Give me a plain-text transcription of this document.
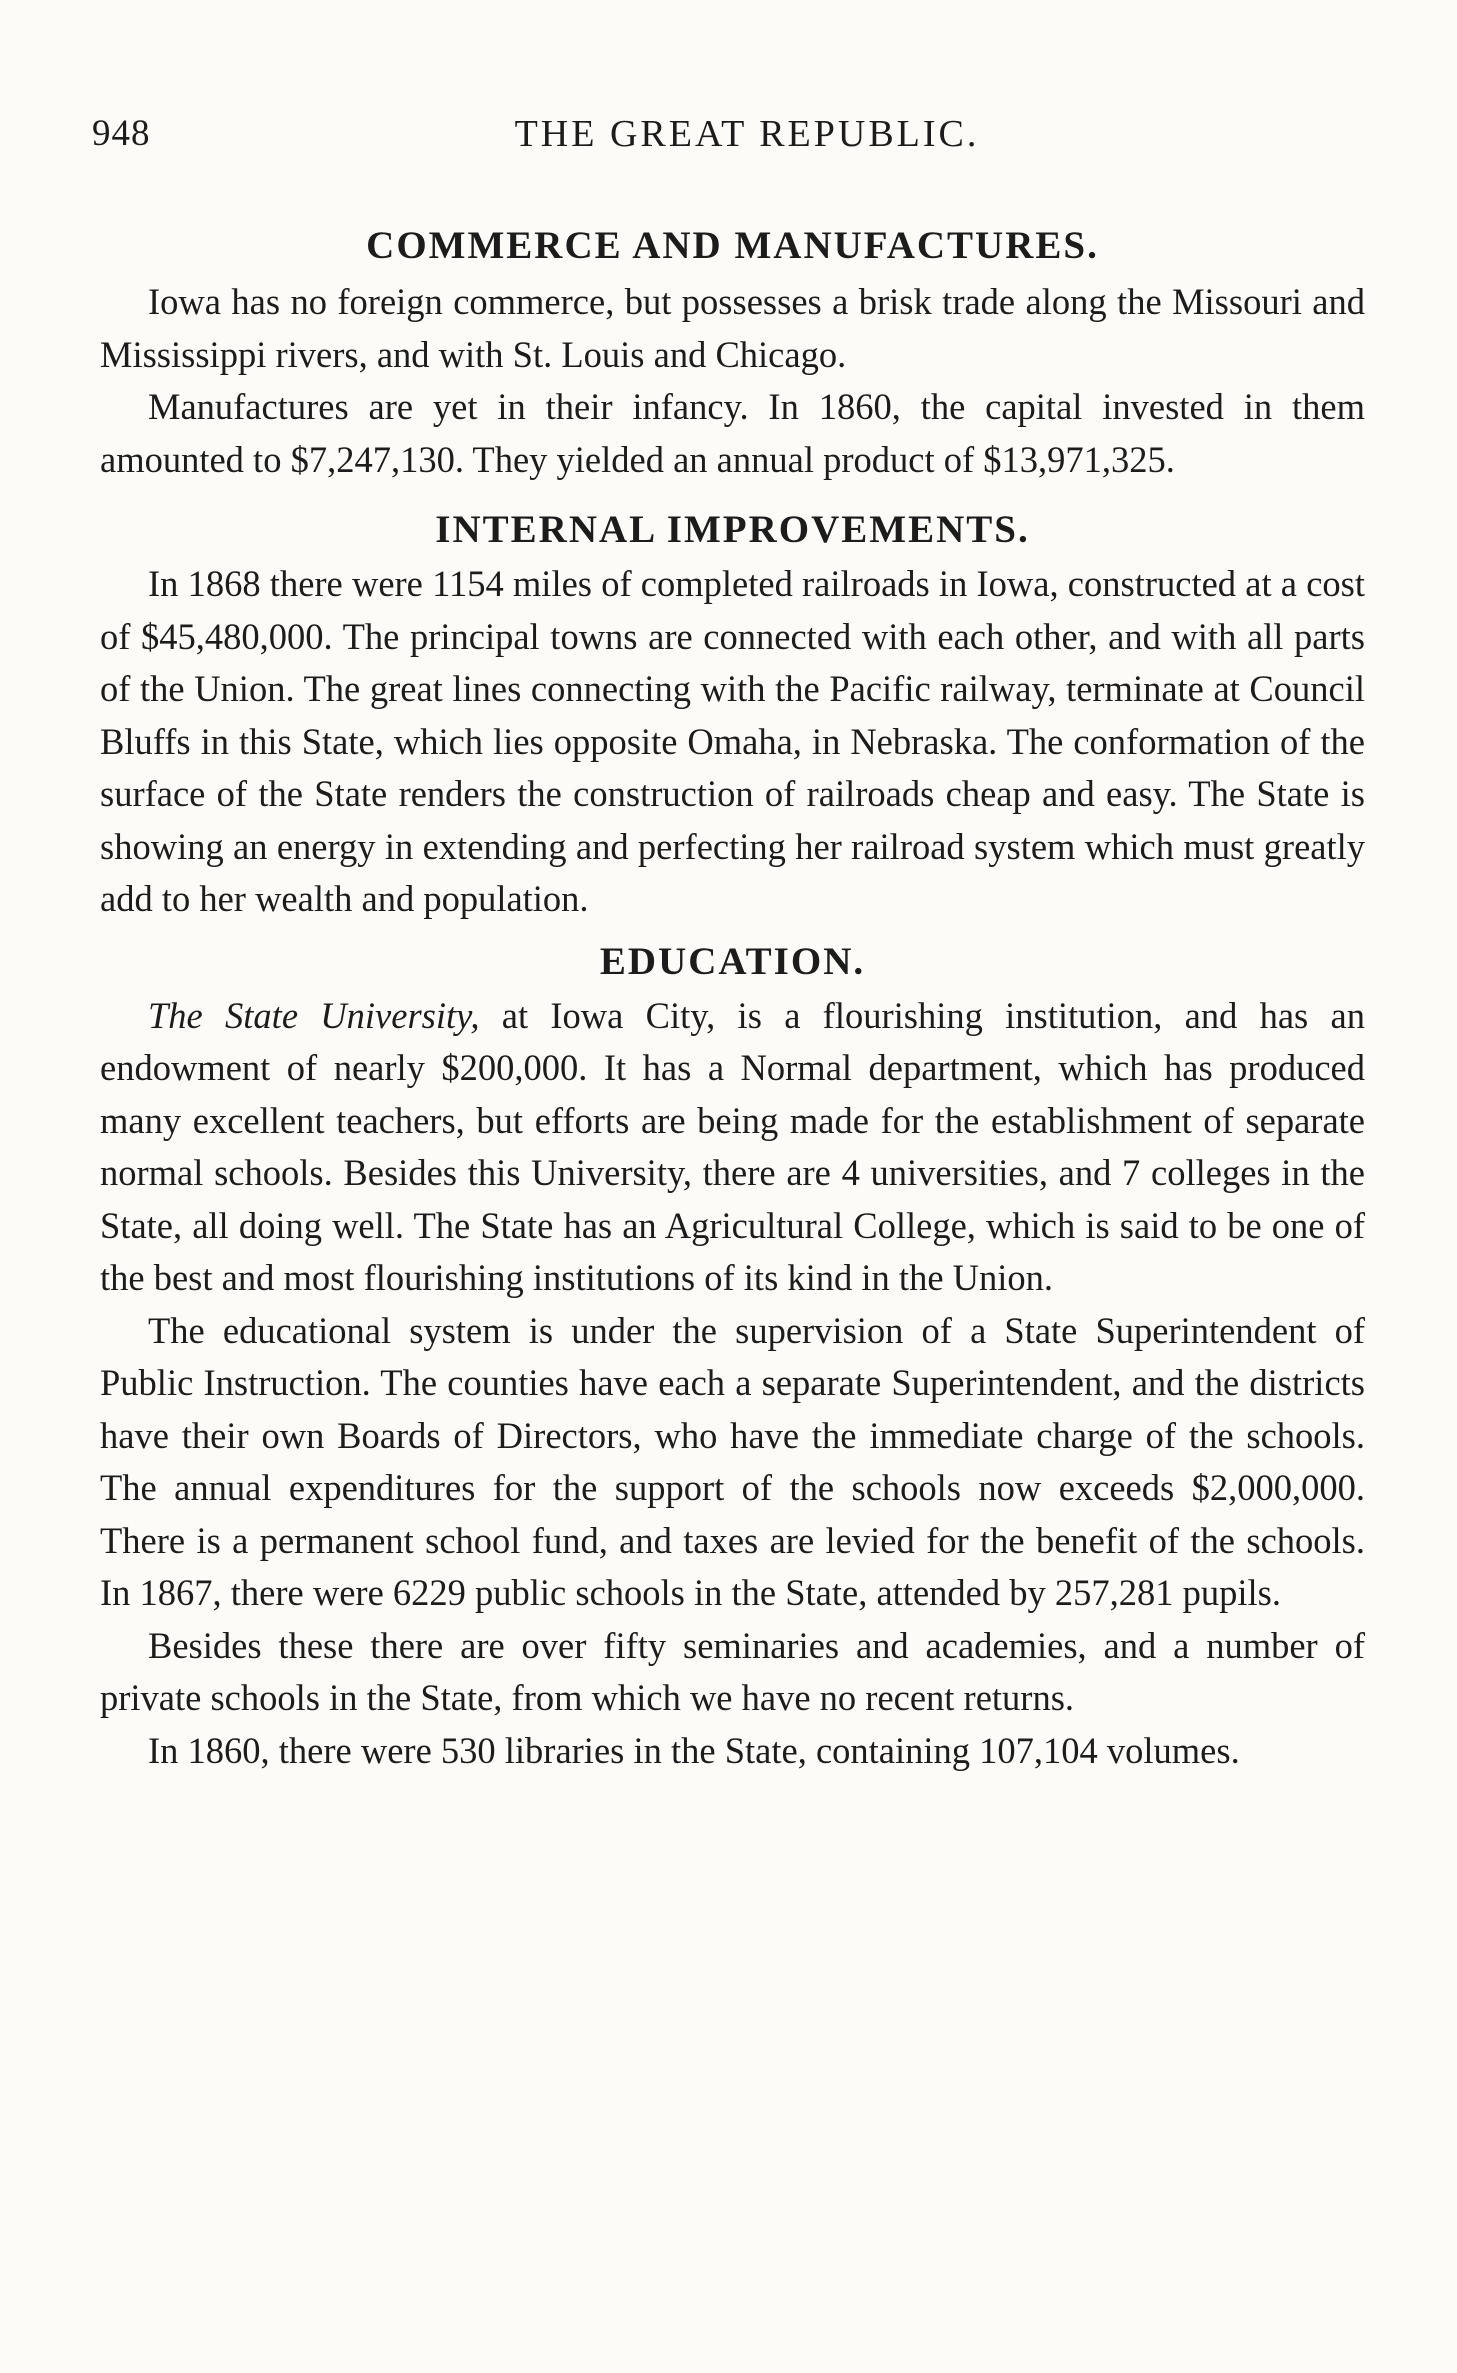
948	THE GREAT REPUBLIC.
COMMERCE AND MANUFACTURES.

Iowa has no foreign commerce, but possesses a brisk trade along the Missouri and Mississippi rivers, and with St. Louis and Chicago.

Manufactures are yet in their infancy. In 1860, the capital invested in them amounted to $7,247,130. They yielded an annual product of $13,971,325.

INTERNAL IMPROVEMENTS.

In 1868 there were 1154 miles of completed railroads in Iowa, constructed at a cost of $45,480,000. The principal towns are connected with each other, and with all parts of the Union. The great lines connecting with the Pacific railway, terminate at Council Bluffs in this State, which lies opposite Omaha, in Nebraska. The conformation of the surface of the State renders the construction of railroads cheap and easy. The State is showing an energy in extending and perfecting her railroad system which must greatly add to her wealth and population.

EDUCATION.

The State University, at Iowa City, is a flourishing institution, and has an endowment of nearly $200,000. It has a Normal department, which has produced many excellent teachers, but efforts are being made for the establishment of separate normal schools. Besides this University, there are 4 universities, and 7 colleges in the State, all doing well. The State has an Agricultural College, which is said to be one of the best and most flourishing institutions of its kind in the Union.

The educational system is under the supervision of a State Superintendent of Public Instruction. The counties have each a separate Superintendent, and the districts have their own Boards of Directors, who have the immediate charge of the schools. The annual expenditures for the support of the schools now exceeds $2,000,000. There is a permanent school fund, and taxes are levied for the benefit of the schools. In 1867, there were 6229 public schools in the State, attended by 257,281 pupils.

Besides these there are over fifty seminaries and academies, and a number of private schools in the State, from which we have no recent returns.

In 1860, there were 530 libraries in the State, containing 107,104 volumes.
